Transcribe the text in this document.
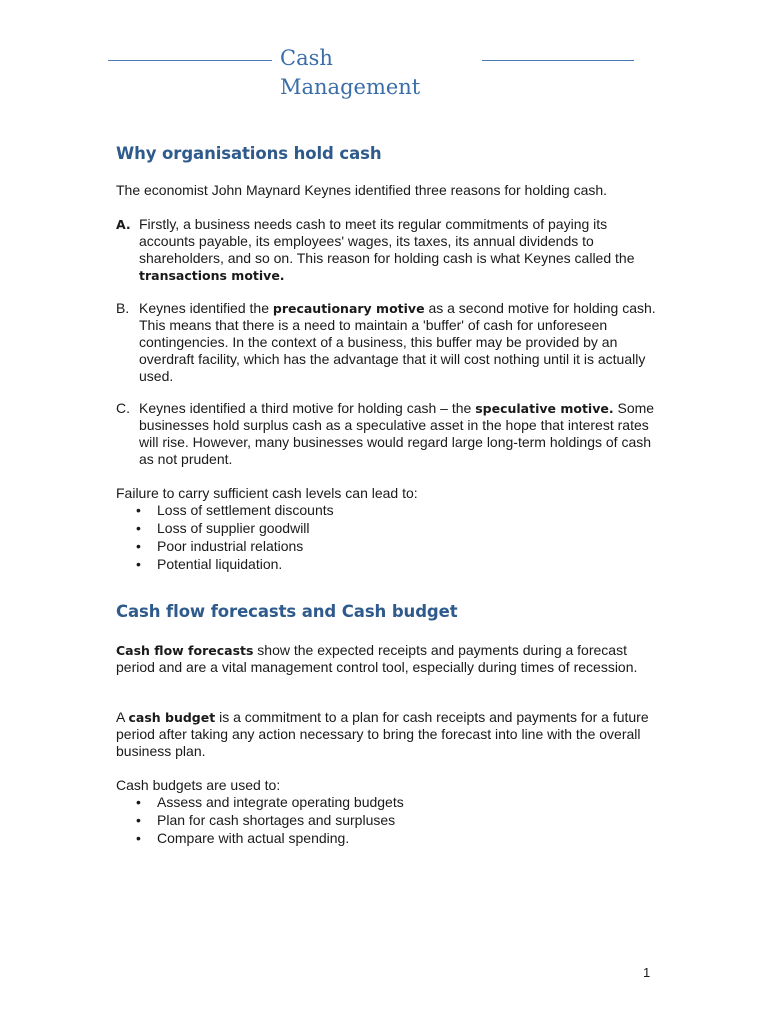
Cash
Management
Why organisations hold cash

The economist John Maynard Keynes identified three reasons for holding cash.

A. Firstly, a business needs cash to meet its regular commitments of paying its accounts payable, its employees' wages, its taxes, its annual dividends to shareholders, and so on. This reason for holding cash is what Keynes called the transactions motive.
B. Keynes identified the precautionary motive as a second motive for holding cash. This means that there is a need to maintain a 'buffer' of cash for unforeseen contingencies. In the context of a business, this buffer may be provided by an overdraft facility, which has the advantage that it will cost nothing until it is actually used.
C. Keynes identified a third motive for holding cash – the speculative motive. Some businesses hold surplus cash as a speculative asset in the hope that interest rates will rise. However, many businesses would regard large long-term holdings of cash as not prudent.

Failure to carry sufficient cash levels can lead to:

• Loss of settlement discounts
• Loss of supplier goodwill
• Poor industrial relations
• Potential liquidation.
Cash flow forecasts and Cash budget

Cash flow forecasts show the expected receipts and payments during a forecast period and are a vital management control tool, especially during times of recession.

A cash budget is a commitment to a plan for cash receipts and payments for a future period after taking any action necessary to bring the forecast into line with the overall business plan.

Cash budgets are used to:

• Assess and integrate operating budgets
• Plan for cash shortages and surpluses
• Compare with actual spending.
1
